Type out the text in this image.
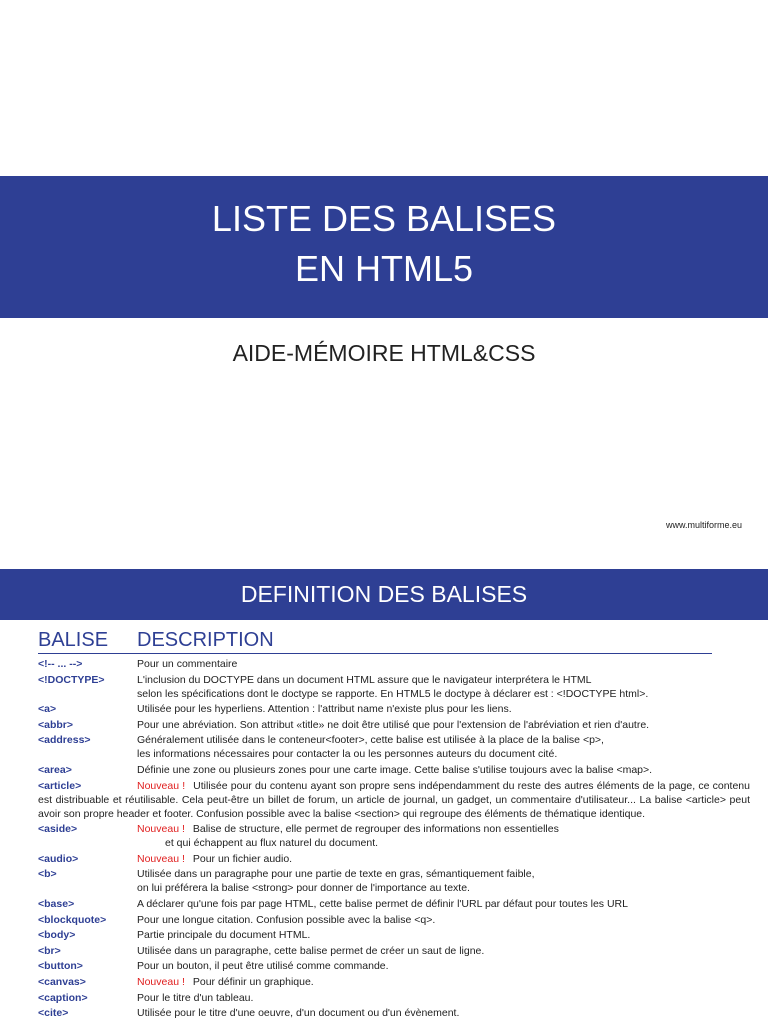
LISTE DES BALISES
EN HTML5
AIDE-MÉMOIRE HTML&CSS
www.multiforme.eu
DEFINITION DES BALISES
BALISE DESCRIPTION
<!-- ... -->	Pour un commentaire
<!DOCTYPE>	L'inclusion du DOCTYPE dans un document HTML assure que le navigateur interprétera le HTML
selon les spécifications dont le doctype se rapporte. En HTML5 le doctype à déclarer est : <!DOCTYPE html>.
<a>	Utilisée pour les hyperliens. Attention : l'attribut name n'existe plus pour les liens.
<abbr>	Pour une abréviation. Son attribut «title» ne doit être utilisé que pour l'extension de l'abréviation et rien d'autre.
<address>	Généralement utilisée dans le conteneur<footer>, cette balise est utilisée à la place de la balise <p>,
les informations nécessaires pour contacter la ou les personnes auteurs du document cité.
<area>	Définie une zone ou plusieurs zones pour une carte image. Cette balise s'utilise toujours avec la balise <map>.
<article>	Nouveau ! Utilisée pour du contenu ayant son propre sens indépendamment du reste des autres éléments de la page, ce contenu est distribuable et réutilisable. Cela peut-être un billet de forum, un article de journal, un gadget, un commentaire d'utilisateur... La balise <article> peut avoir son propre header et footer. Confusion possible avec la balise <section> qui regroupe des éléments de thématique identique.
<aside>	Nouveau ! Balise de structure, elle permet de regrouper des informations non essentielles
et qui échappent au flux naturel du document.
<audio>	Nouveau ! Pour un fichier audio.
<b>	Utilisée dans un paragraphe pour une partie de texte en gras, sémantiquement faible,
on lui préférera la balise <strong> pour donner de l'importance au texte.
<base>	A déclarer qu'une fois par page HTML, cette balise permet de définir l'URL par défaut pour toutes les URL
<blockquote>	Pour une longue citation. Confusion possible avec la balise <q>.
<body>	Partie principale du document HTML.
<br>	Utilisée dans un paragraphe, cette balise permet de créer un saut de ligne.
<button>	Pour un bouton, il peut être utilisé comme commande.
<canvas>	Nouveau ! Pour définir un graphique.
<caption>	Pour le titre d'un tableau.
<cite>	Utilisée pour le titre d'une oeuvre, d'un document ou d'un évènement.
